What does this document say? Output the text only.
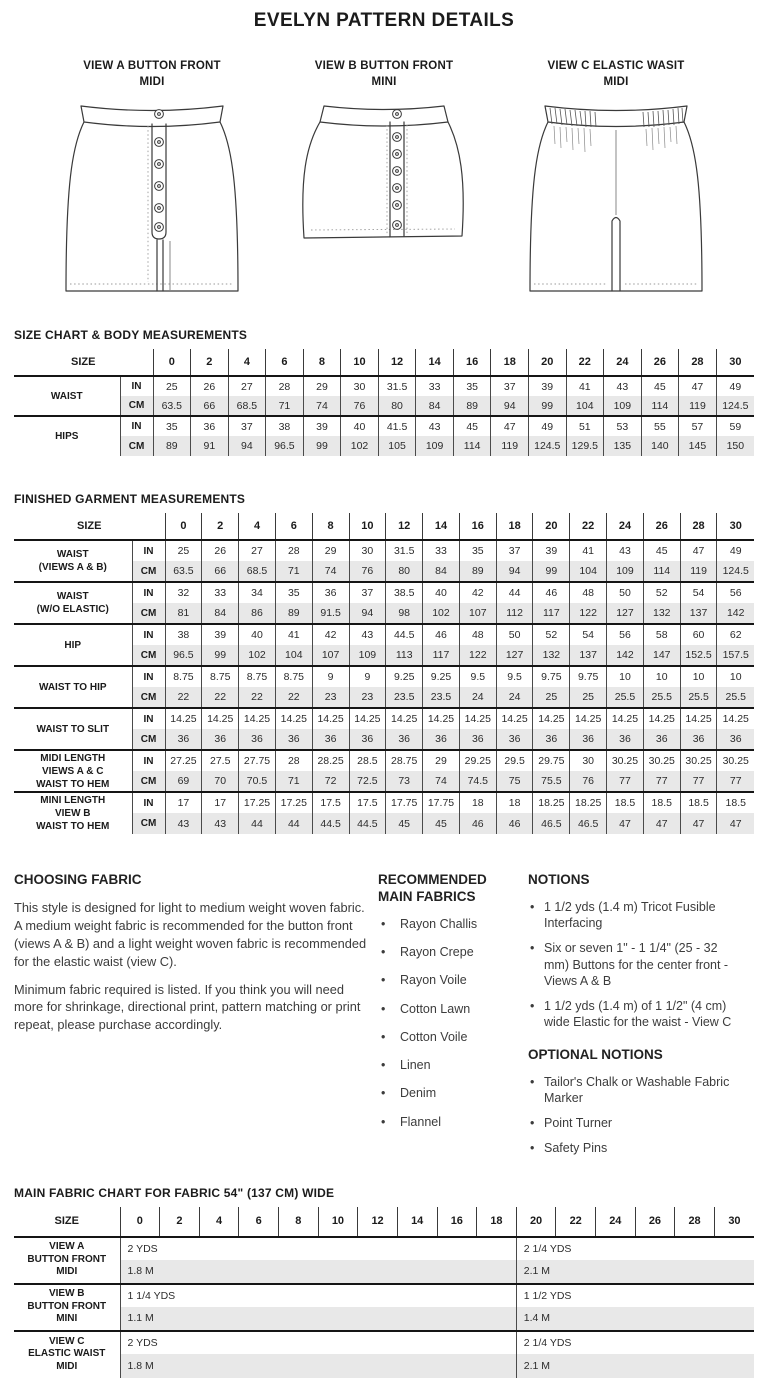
EVELYN PATTERN DETAILS
VIEW A BUTTON FRONT
MIDI
VIEW B BUTTON FRONT
MINI
VIEW C ELASTIC WASIT
MIDI
SIZE CHART & BODY MEASUREMENTS
SIZE		0	2	4	6	8	10	12	14	16	18	20	22	24	26	28	30
WAIST	IN	25	26	27	28	29	30	31.5	33	35	37	39	41	43	45	47	49
	CM	63.5	66	68.5	71	74	76	80	84	89	94	99	104	109	114	119	124.5
HIPS	IN	35	36	37	38	39	40	41.5	43	45	47	49	51	53	55	57	59
	CM	89	91	94	96.5	99	102	105	109	114	119	124.5	129.5	135	140	145	150
FINISHED GARMENT MEASUREMENTS
SIZE		0	2	4	6	8	10	12	14	16	18	20	22	24	26	28	30
WAIST
(VIEWS A & B)	IN	25	26	27	28	29	30	31.5	33	35	37	39	41	43	45	47	49
	CM	63.5	66	68.5	71	74	76	80	84	89	94	99	104	109	114	119	124.5
WAIST
(W/O ELASTIC)	IN	32	33	34	35	36	37	38.5	40	42	44	46	48	50	52	54	56
	CM	81	84	86	89	91.5	94	98	102	107	112	117	122	127	132	137	142
HIP	IN	38	39	40	41	42	43	44.5	46	48	50	52	54	56	58	60	62
	CM	96.5	99	102	104	107	109	113	117	122	127	132	137	142	147	152.5	157.5
WAIST TO HIP	IN	8.75	8.75	8.75	8.75	9	9	9.25	9.25	9.5	9.5	9.75	9.75	10	10	10	10
	CM	22	22	22	22	23	23	23.5	23.5	24	24	25	25	25.5	25.5	25.5	25.5
WAIST TO SLIT	IN	14.25	14.25	14.25	14.25	14.25	14.25	14.25	14.25	14.25	14.25	14.25	14.25	14.25	14.25	14.25	14.25
	CM	36	36	36	36	36	36	36	36	36	36	36	36	36	36	36	36
MIDI LENGTH
VIEWS A & C
WAIST TO HEM	IN	27.25	27.5	27.75	28	28.25	28.5	28.75	29	29.25	29.5	29.75	30	30.25	30.25	30.25	30.25
	CM	69	70	70.5	71	72	72.5	73	74	74.5	75	75.5	76	77	77	77	77
MINI LENGTH
VIEW B
WAIST TO HEM	IN	17	17	17.25	17.25	17.5	17.5	17.75	17.75	18	18	18.25	18.25	18.5	18.5	18.5	18.5
	CM	43	43	44	44	44.5	44.5	45	45	46	46	46.5	46.5	47	47	47	47
CHOOSING FABRIC
This style is designed for light to medium weight woven fabric. A medium weight fabric is recommended for the button front (views A & B) and a light weight woven fabric is recommended for the elastic waist (view C).
Minimum fabric required is listed. If you think you will need more for shrinkage, directional print, pattern matching or print repeat, please purchase accordingly.
RECOMMENDED MAIN FABRICS
•	Rayon Challis
•	Rayon Crepe
•	Rayon Voile
•	Cotton Lawn
•	Cotton Voile
•	Linen
•	Denim
•	Flannel
NOTIONS
• 1 1/2 yds (1.4 m) Tricot Fusible Interfacing
• Six or seven 1" - 1 1/4" (25 - 32 mm) Buttons for the center front - Views A & B
• 1 1/2 yds (1.4 m) of 1 1/2" (4 cm) wide Elastic for the waist - View C
OPTIONAL NOTIONS
• Tailor's Chalk or Washable Fabric Marker
• Point Turner
• Safety Pins
MAIN FABRIC CHART FOR FABRIC 54" (137 CM) WIDE
SIZE	0	2	4	6	8	10	12	14	16	18	20	22	24	26	28	30
VIEW A
BUTTON FRONT
MIDI	2 YDS										2 1/4 YDS					
	1.8 M										2.1 M					
VIEW B
BUTTON FRONT
MINI	1 1/4 YDS										1 1/2 YDS					
	1.1 M										1.4 M					
VIEW C
ELASTIC WAIST
MIDI	2 YDS										2 1/4 YDS					
	1.8 M										2.1 M					
